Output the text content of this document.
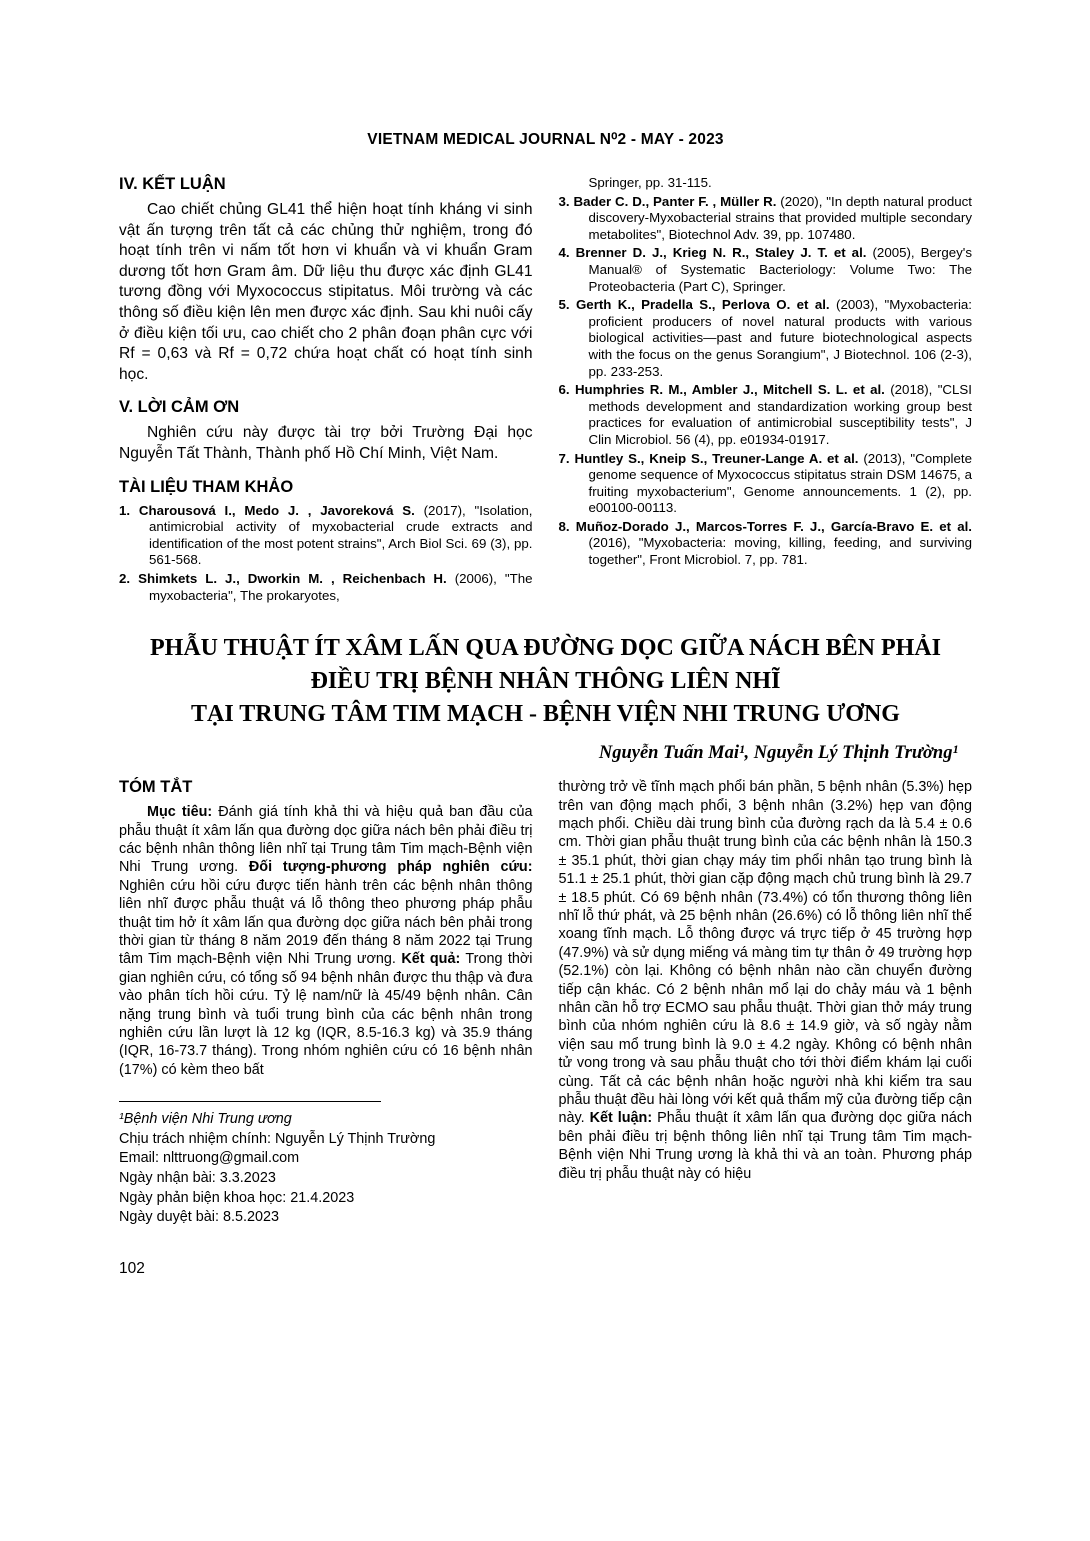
VIETNAM MEDICAL JOURNAL N⁰2 - MAY - 2023
IV. KẾT LUẬN

Cao chiết chủng GL41 thể hiện hoạt tính kháng vi sinh vật ấn tượng trên tất cả các chủng thử nghiệm, trong đó hoạt tính trên vi nấm tốt hơn vi khuẩn và vi khuẩn Gram dương tốt hơn Gram âm. Dữ liệu thu được xác định GL41 tương đồng với Myxococcus stipitatus. Môi trường và các thông số điều kiện lên men được xác định. Sau khi nuôi cấy ở điều kiện tối ưu, cao chiết cho 2 phân đoạn phân cực với Rf = 0,63 và Rf = 0,72 chứa hoạt chất có hoạt tính sinh học.

V. LỜI CẢM ƠN

Nghiên cứu này được tài trợ bởi Trường Đại học Nguyễn Tất Thành, Thành phố Hồ Chí Minh, Việt Nam.

TÀI LIỆU THAM KHẢO
1. Charousová I., Medo J. , Javoreková S. (2017), "Isolation, antimicrobial activity of myxobacterial crude extracts and identification of the most potent strains", Arch Biol Sci. 69 (3), pp. 561-568.
2. Shimkets L. J., Dworkin M. , Reichenbach H. (2006), "The myxobacteria", The prokaryotes,
Springer, pp. 31-115.
3. Bader C. D., Panter F. , Müller R. (2020), "In depth natural product discovery-Myxobacterial strains that provided multiple secondary metabolites", Biotechnol Adv. 39, pp. 107480.
4. Brenner D. J., Krieg N. R., Staley J. T. et al. (2005), Bergey's Manual® of Systematic Bacteriology: Volume Two: The Proteobacteria (Part C), Springer.
5. Gerth K., Pradella S., Perlova O. et al. (2003), "Myxobacteria: proficient producers of novel natural products with various biological activities—past and future biotechnological aspects with the focus on the genus Sorangium", J Biotechnol. 106 (2-3), pp. 233-253.
6. Humphries R. M., Ambler J., Mitchell S. L. et al. (2018), "CLSI methods development and standardization working group best practices for evaluation of antimicrobial susceptibility tests", J Clin Microbiol. 56 (4), pp. e01934-01917.
7. Huntley S., Kneip S., Treuner-Lange A. et al. (2013), "Complete genome sequence of Myxococcus stipitatus strain DSM 14675, a fruiting myxobacterium", Genome announcements. 1 (2), pp. e00100-00113.
8. Muñoz-Dorado J., Marcos-Torres F. J., García-Bravo E. et al. (2016), "Myxobacteria: moving, killing, feeding, and surviving together", Front Microbiol. 7, pp. 781.
PHẪU THUẬT ÍT XÂM LẤN QUA ĐƯỜNG DỌC GIỮA NÁCH BÊN PHẢI
ĐIỀU TRỊ BỆNH NHÂN THÔNG LIÊN NHĨ
TẠI TRUNG TÂM TIM MẠCH - BỆNH VIỆN NHI TRUNG ƯƠNG
Nguyễn Tuấn Mai¹, Nguyễn Lý Thịnh Trường¹
TÓM TẮT

Mục tiêu: Đánh giá tính khả thi và hiệu quả ban đầu của phẫu thuật ít xâm lấn qua đường dọc giữa nách bên phải điều trị các bệnh nhân thông liên nhĩ tại Trung tâm Tim mạch-Bệnh viện Nhi Trung ương. Đối tượng-phương pháp nghiên cứu: Nghiên cứu hồi cứu được tiến hành trên các bệnh nhân thông liên nhĩ được phẫu thuật vá lỗ thông theo phương pháp phẫu thuật tim hở ít xâm lấn qua đường dọc giữa nách bên phải trong thời gian từ tháng 8 năm 2019 đến tháng 8 năm 2022 tại Trung tâm Tim mạch-Bệnh viện Nhi Trung ương. Kết quả: Trong thời gian nghiên cứu, có tổng số 94 bệnh nhân được thu thập và đưa vào phân tích hồi cứu. Tỷ lệ nam/nữ là 45/49 bệnh nhân. Cân nặng trung bình và tuổi trung bình của các bệnh nhân trong nghiên cứu lần lượt là 12 kg (IQR, 8.5-16.3 kg) và 35.9 tháng (IQR, 16-73.7 tháng). Trong nhóm nghiên cứu có 16 bệnh nhân (17%) có kèm theo bất

¹Bệnh viện Nhi Trung ương
Chịu trách nhiệm chính: Nguyễn Lý Thịnh Trường
Email: nlttruong@gmail.com
Ngày nhận bài: 3.3.2023
Ngày phản biện khoa học: 21.4.2023
Ngày duyệt bài: 8.5.2023

thường trở về tĩnh mạch phổi bán phần, 5 bệnh nhân (5.3%) hẹp trên van động mạch phổi, 3 bệnh nhân (3.2%) hẹp van động mạch phổi. Chiều dài trung bình của đường rạch da là 5.4 ± 0.6 cm. Thời gian phẫu thuật trung bình của các bệnh nhân là 150.3 ± 35.1 phút, thời gian chạy máy tim phổi nhân tạo trung bình là 51.1 ± 25.1 phút, thời gian cặp động mạch chủ trung bình là 29.7 ± 18.5 phút. Có 69 bệnh nhân (73.4%) có tổn thương thông liên nhĩ lỗ thứ phát, và 25 bệnh nhân (26.6%) có lỗ thông liên nhĩ thể xoang tĩnh mạch. Lỗ thông được vá trực tiếp ở 45 trường hợp (47.9%) và sử dụng miếng vá màng tim tự thân ở 49 trường hợp (52.1%) còn lại. Không có bệnh nhân nào cần chuyển đường tiếp cận khác. Có 2 bệnh nhân mổ lại do chảy máu và 1 bệnh nhân cần hỗ trợ ECMO sau phẫu thuật. Thời gian thở máy trung bình của nhóm nghiên cứu là 8.6 ± 14.9 giờ, và số ngày nằm viện sau mổ trung bình là 9.0 ± 4.2 ngày. Không có bệnh nhân tử vong trong và sau phẫu thuật cho tới thời điểm khám lại cuối cùng. Tất cả các bệnh nhân hoặc người nhà khi kiểm tra sau phẫu thuật đều hài lòng với kết quả thẩm mỹ của đường tiếp cận này. Kết luận: Phẫu thuật ít xâm lấn qua đường dọc giữa nách bên phải điều trị bệnh thông liên nhĩ tại Trung tâm Tim mạch-Bệnh viện Nhi Trung ương là khả thi và an toàn. Phương pháp điều trị phẫu thuật này có hiệu

102
